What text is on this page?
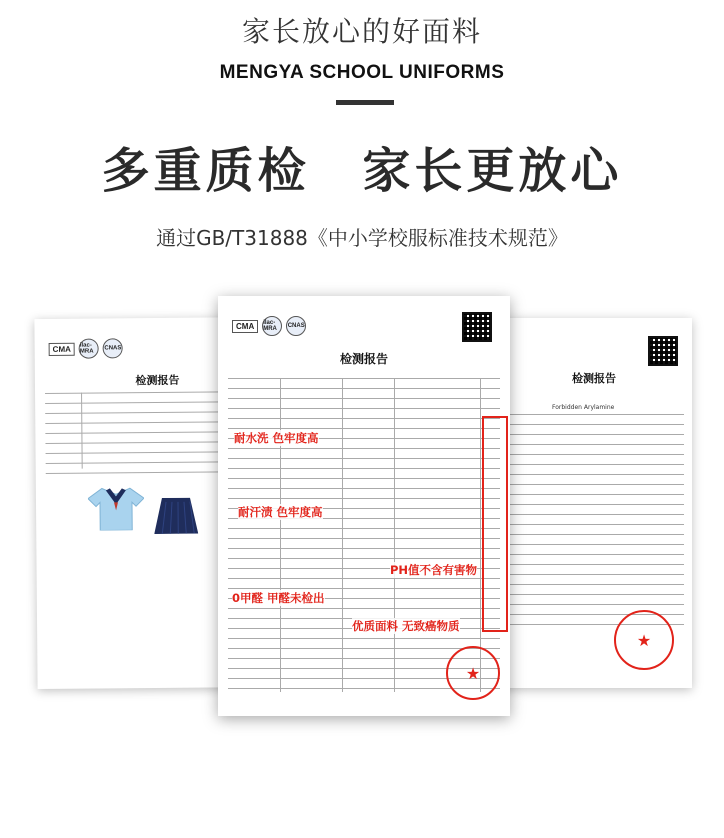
家长放心的好面料
MENGYA SCHOOL UNIFORMS
多重质检 家长更放心
通过GB/T31888《中小学校服标准技术规范》
CMA	ilac-MRA
CNAS
检测报告	检测报告
Forbidden Arylamine
★
CMA	ilac-MRA	CNAS
检测报告
耐水洗 色牢度高
耐汗渍 色牢度高
PH值不含有害物
0甲醛 甲醛未检出
优质面料 无致癌物质
★
